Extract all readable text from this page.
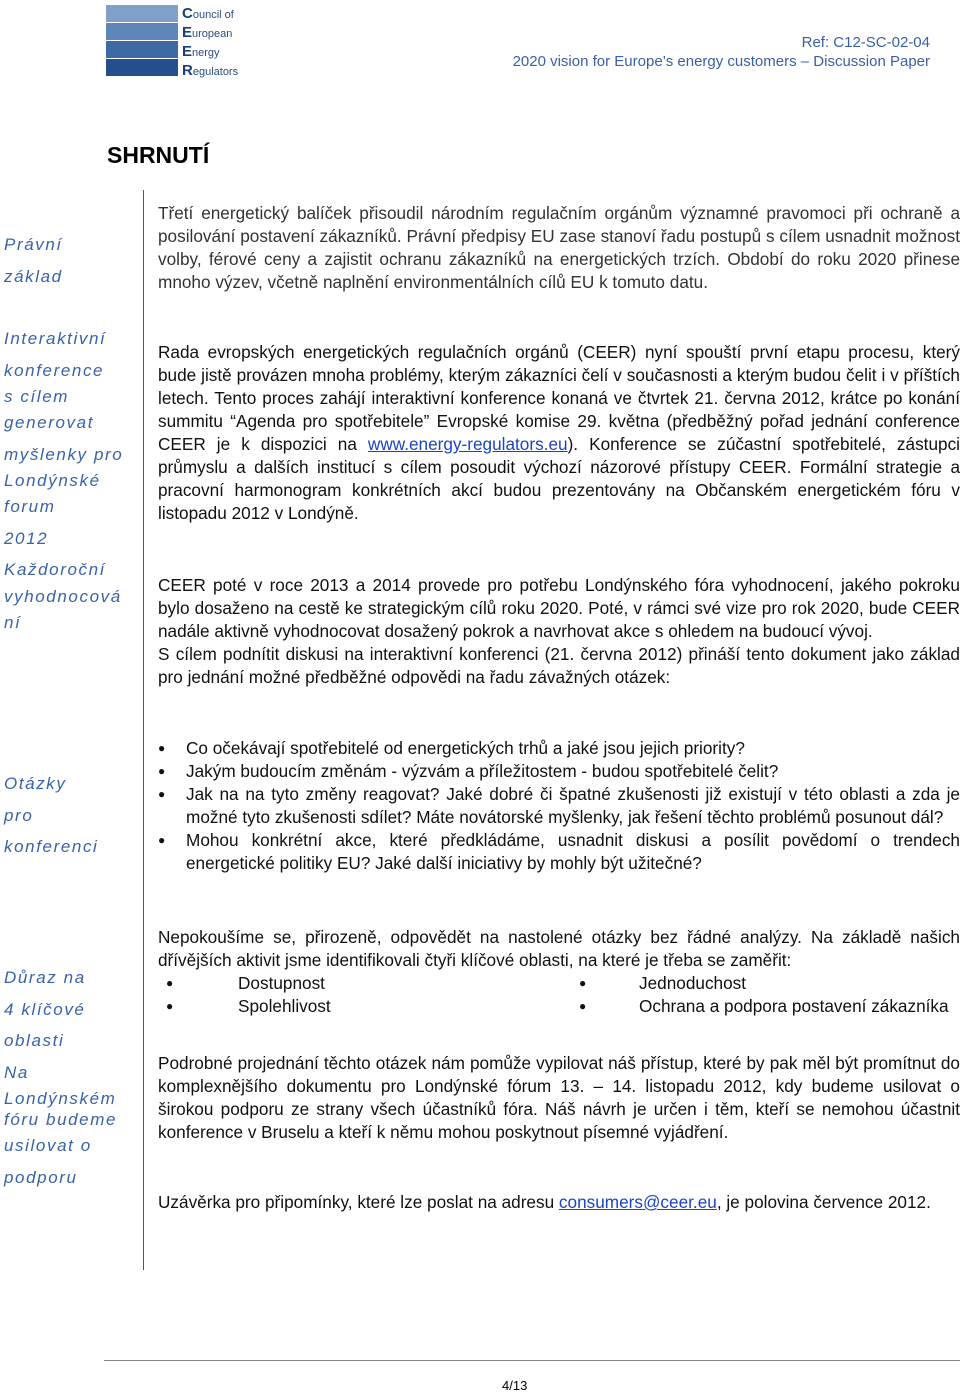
Council of
European
Energy
Regulators
Ref: C12-SC-02-04
2020 vision for Europe’s energy customers – Discussion Paper
SHRNUTÍ
Právní
základ
Interaktivní
konference
s cílem
generovat
myšlenky pro
Londýnské
forum
2012
Každoroční
vyhodnocová
ní
Otázky
pro
konferenci
Důraz na
4 klíčové
oblasti
Na
Londýnském
fóru budeme
usilovat o
podporu

Třetí energetický balíček přisoudil národním regulačním orgánům významné pravomoci při ochraně a posilování postavení zákazníků. Právní předpisy EU zase stanoví řadu postupů s cílem usnadnit možnost volby, férové ceny a zajistit ochranu zákazníků na energetických trzích. Období do roku 2020 přinese mnoho výzev, včetně naplnění environmentálních cílů EU k tomuto datu.

Rada evropských energetických regulačních orgánů (CEER) nyní spouští první etapu procesu, který bude jistě provázen mnoha problémy, kterým zákazníci čelí v současnosti a kterým budou čelit i v příštích letech. Tento proces zahájí interaktivní konference konaná ve čtvrtek 21. června 2012, krátce po konání summitu “Agenda pro spotřebitele” Evropské komise 29. května (předběžný pořad jednání conference CEER je k dispozici na www.energy-regulators.eu). Konference se zúčastní spotřebitelé, zástupci průmyslu a dalších institucí s cílem posoudit výchozí názorové přístupy CEER. Formální strategie a pracovní harmonogram konkrétních akcí budou prezentovány na Občanském energetickém fóru v listopadu 2012 v Londýně.

CEER poté v roce 2013 a 2014 provede pro potřebu Londýnského fóra vyhodnocení, jakého pokroku bylo dosaženo na cestě ke strategickým cílů roku 2020. Poté, v rámci své vize pro rok 2020, bude CEER nadále aktivně vyhodnocovat dosažený pokrok a navrhovat akce s ohledem na budoucí vývoj.

S cílem podnítit diskusi na interaktivní konferenci (21. června 2012) přináší tento dokument jako základ pro jednání možné předběžné odpovědi na řadu závažných otázek:

● Co očekávají spotřebitelé od energetických trhů a jaké jsou jejich priority?
● Jakým budoucím změnám - výzvám a příležitostem - budou spotřebitelé čelit?
● Jak na na tyto změny reagovat? Jaké dobré či špatné zkušenosti již existují v této oblasti a zda je možné tyto zkušenosti sdílet? Máte novátorské myšlenky, jak řešení těchto problémů posunout dál?
● Mohou konkrétní akce, které předkládáme, usnadnit diskusi a posílit povědomí o trendech energetické politiky EU? Jaké další iniciativy by mohly být užitečné?

Nepokoušíme se, přirozeně, odpovědět na nastolené otázky bez řádné analýzy. Na základě našich dřívějších aktivit jsme identifikovali čtyři klíčové oblasti, na které je třeba se zaměřit:

● Dostupnost	● Jednoduchost
● Spolehlivost	● Ochrana a podpora postavení zákazníka

Podrobné projednání těchto otázek nám pomůže vypilovat náš přístup, které by pak měl být promítnut do komplexnějšího dokumentu pro Londýnské fórum 13. – 14. listopadu 2012, kdy budeme usilovat o širokou podporu ze strany všech účastníků fóra. Náš návrh je určen i těm, kteří se nemohou účastnit konference v Bruselu a kteří k němu mohou poskytnout písemné vyjádření.

Uzávěrka pro připomínky, které lze poslat na adresu consumers@ceer.eu, je polovina července 2012.

4/13
